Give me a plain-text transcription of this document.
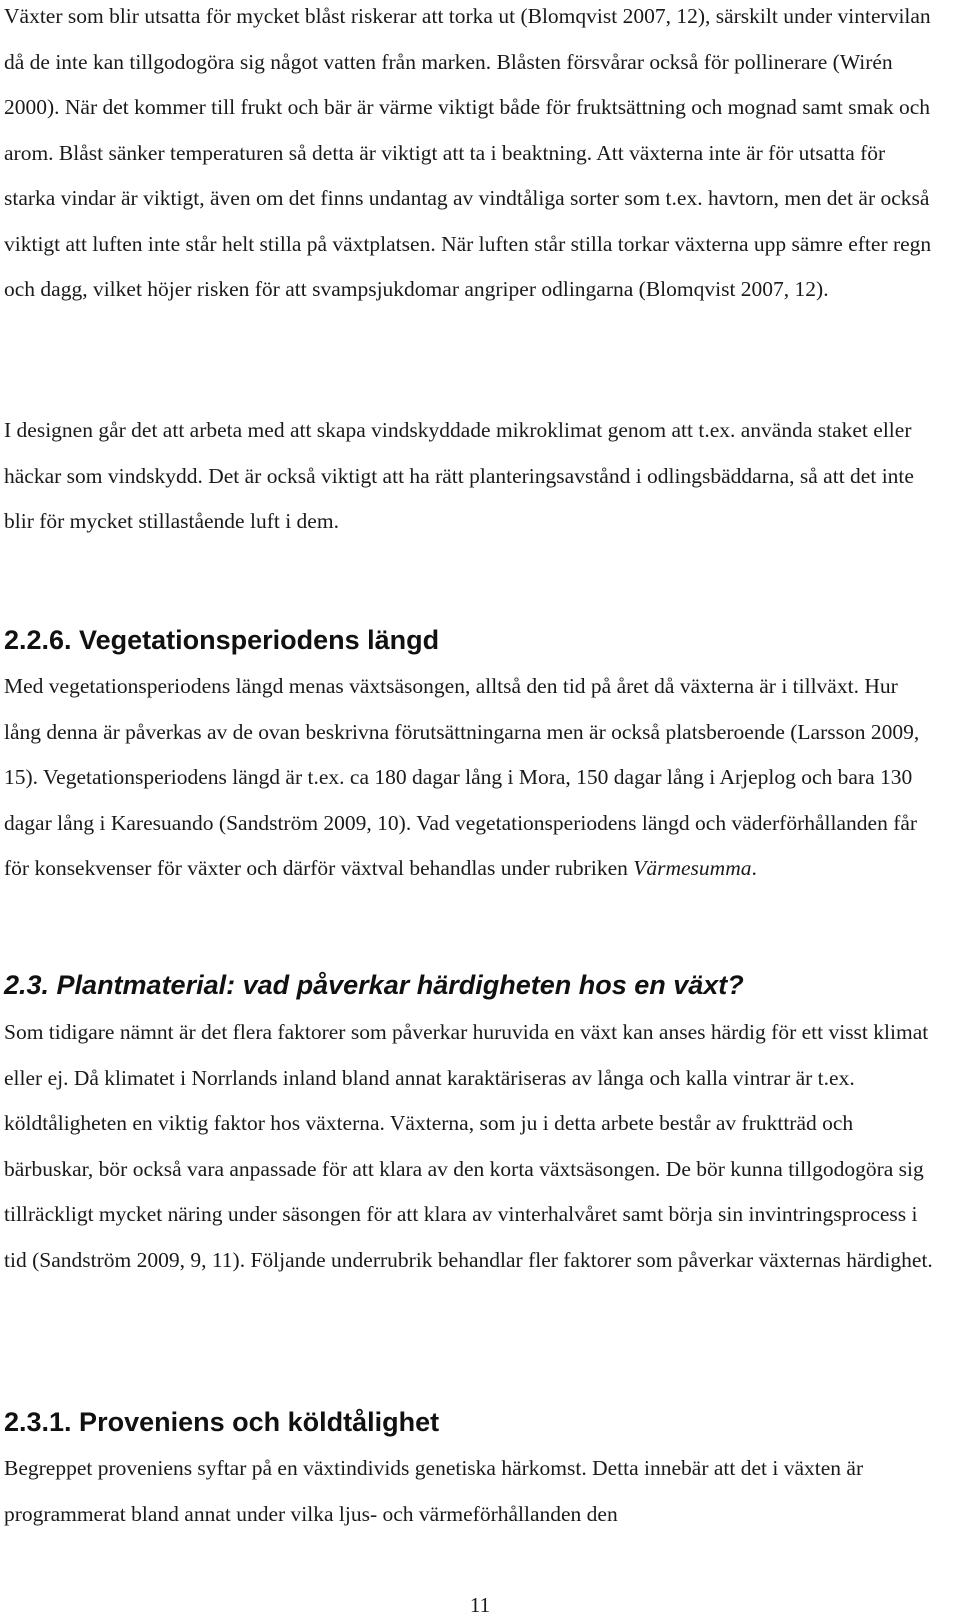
Växter som blir utsatta för mycket blåst riskerar att torka ut (Blomqvist 2007, 12), särskilt under vintervilan då de inte kan tillgodogöra sig något vatten från marken. Blåsten försvårar också för pollinerare (Wirén 2000). När det kommer till frukt och bär är värme viktigt både för fruktsättning och mognad samt smak och arom. Blåst sänker temperaturen så detta är viktigt att ta i beaktning. Att växterna inte är för utsatta för starka vindar är viktigt, även om det finns undantag av vindtåliga sorter som t.ex. havtorn, men det är också viktigt att luften inte står helt stilla på växtplatsen. När luften står stilla torkar växterna upp sämre efter regn och dagg, vilket höjer risken för att svampsjukdomar angriper odlingarna (Blomqvist 2007, 12).

I designen går det att arbeta med att skapa vindskyddade mikroklimat genom att t.ex. använda staket eller häckar som vindskydd. Det är också viktigt att ha rätt planteringsavstånd i odlingsbäddarna, så att det inte blir för mycket stillastående luft i dem.

2.2.6. Vegetationsperiodens längd

Med vegetationsperiodens längd menas växtsäsongen, alltså den tid på året då växterna är i tillväxt. Hur lång denna är påverkas av de ovan beskrivna förutsättningarna men är också platsberoende (Larsson 2009, 15). Vegetationsperiodens längd är t.ex. ca 180 dagar lång i Mora, 150 dagar lång i Arjeplog och bara 130 dagar lång i Karesuando (Sandström 2009, 10). Vad vegetationsperiodens längd och väderförhållanden får för konsekvenser för växter och därför växtval behandlas under rubriken Värmesumma.

2.3. Plantmaterial: vad påverkar härdigheten hos en växt?

Som tidigare nämnt är det flera faktorer som påverkar huruvida en växt kan anses härdig för ett visst klimat eller ej. Då klimatet i Norrlands inland bland annat karaktäriseras av långa och kalla vintrar är t.ex. köldtåligheten en viktig faktor hos växterna. Växterna, som ju i detta arbete består av fruktträd och bärbuskar, bör också vara anpassade för att klara av den korta växtsäsongen. De bör kunna tillgodogöra sig tillräckligt mycket näring under säsongen för att klara av vinterhalvåret samt börja sin invintringsprocess i tid (Sandström 2009, 9, 11). Följande underrubrik behandlar fler faktorer som påverkar växternas härdighet.

2.3.1. Proveniens och köldtålighet

Begreppet proveniens syftar på en växtindivids genetiska härkomst. Detta innebär att det i växten är programmerat bland annat under vilka ljus- och värmeförhållanden den

11
